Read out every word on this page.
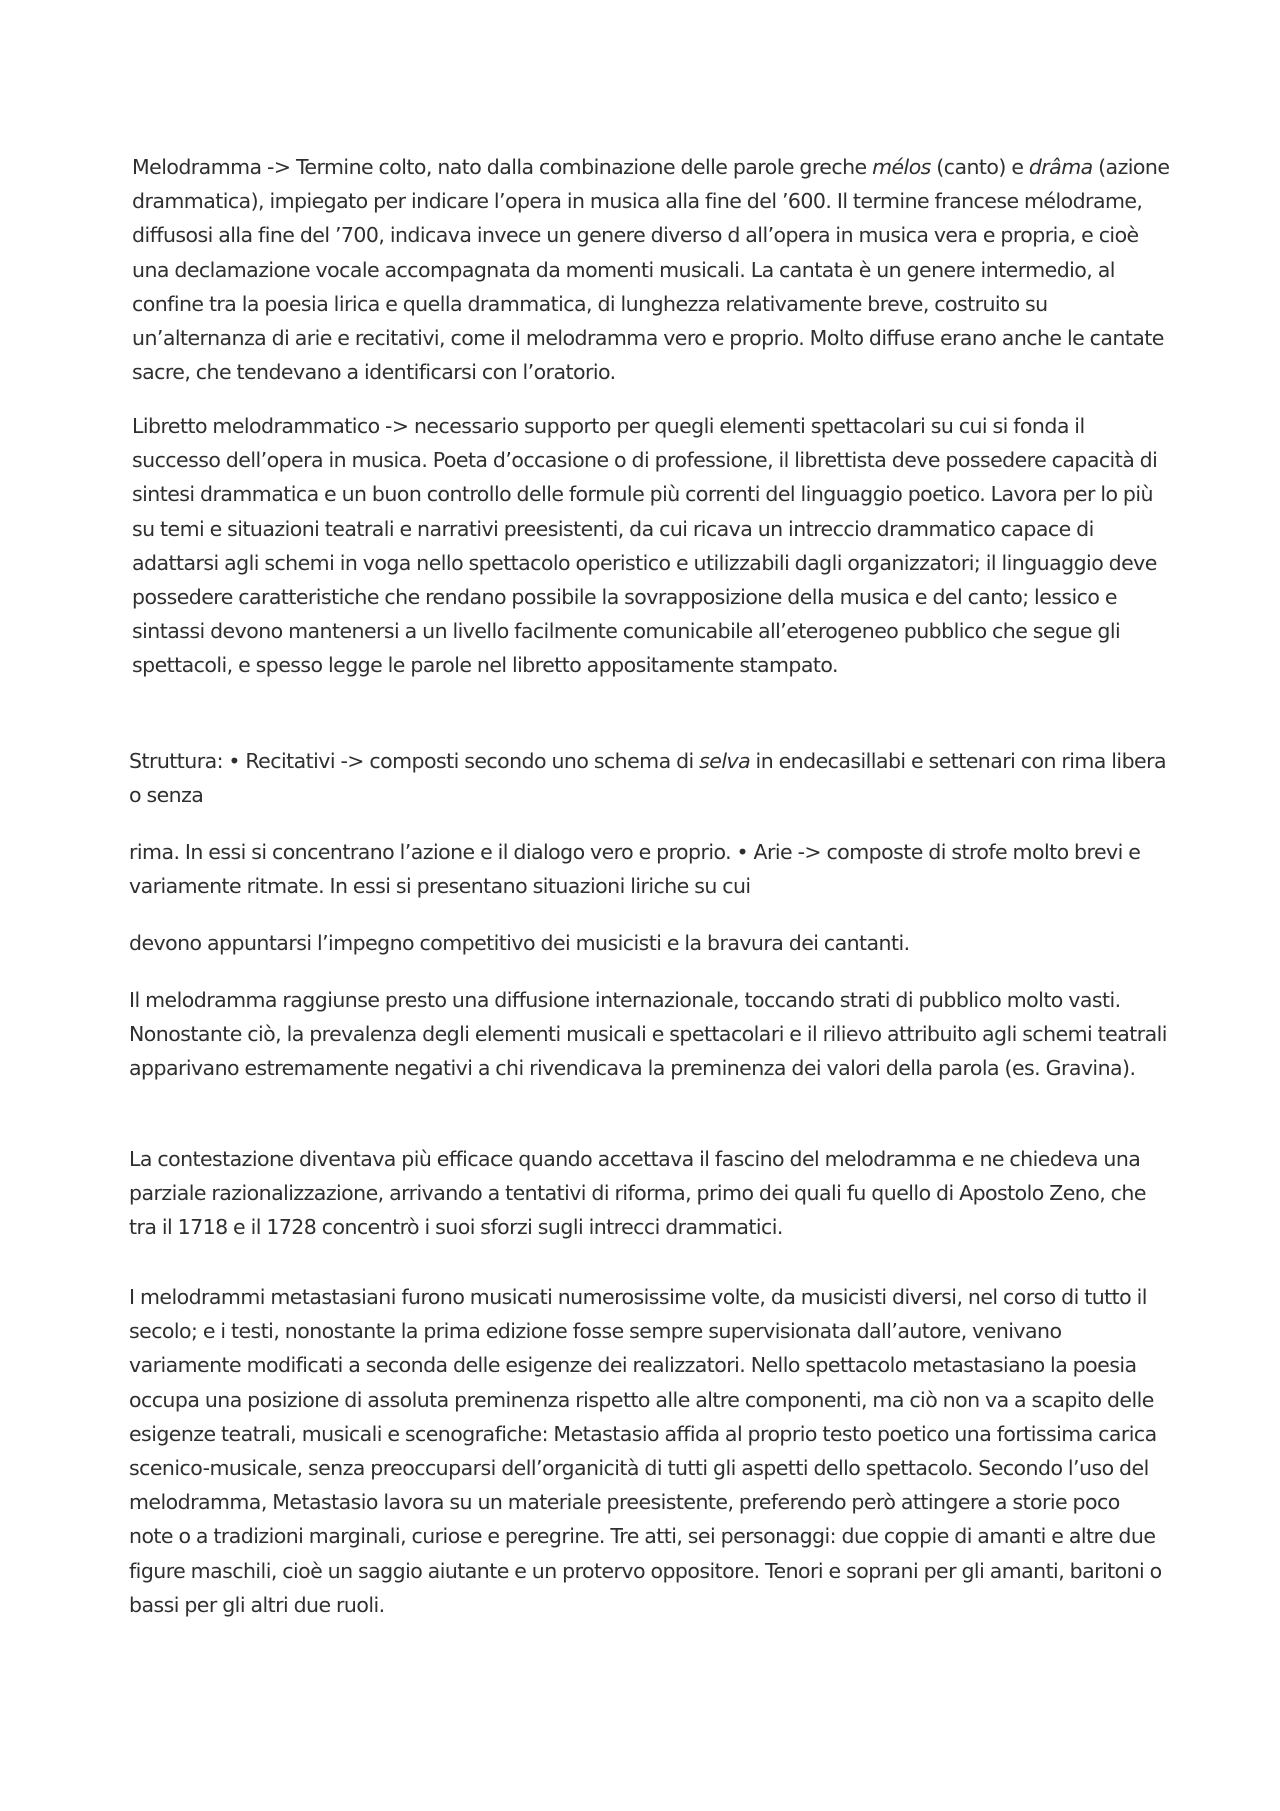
Melodramma -> Termine colto, nato dalla combinazione delle parole greche mélos (canto) e drâma (azione drammatica), impiegato per indicare l’opera in musica alla fine del ’600. Il termine francese mélodrame, diffusosi alla fine del ’700, indicava invece un genere diverso d all’opera in musica vera e propria, e cioè una declamazione vocale accompagnata da momenti musicali. La cantata è un genere intermedio, al confine tra la poesia lirica e quella drammatica, di lunghezza relativamente breve, costruito su un’alternanza di arie e recitativi, come il melodramma vero e proprio. Molto diffuse erano anche le cantate sacre, che tendevano a identificarsi con l’oratorio.

Libretto melodrammatico -> necessario supporto per quegli elementi spettacolari su cui si fonda il successo dell’opera in musica. Poeta d’occasione o di professione, il librettista deve possedere capacità di sintesi drammatica e un buon controllo delle formule più correnti del linguaggio poetico. Lavora per lo più su temi e situazioni teatrali e narrativi preesistenti, da cui ricava un intreccio drammatico capace di adattarsi agli schemi in voga nello spettacolo operistico e utilizzabili dagli organizzatori; il linguaggio deve possedere caratteristiche che rendano possibile la sovrapposizione della musica e del canto; lessico e sintassi devono mantenersi a un livello facilmente comunicabile all’eterogeneo pubblico che segue gli spettacoli, e spesso legge le parole nel libretto appositamente stampato.

Struttura: • Recitativi -> composti secondo uno schema di selva in endecasillabi e settenari con rima libera o senza

rima. In essi si concentrano l’azione e il dialogo vero e proprio. • Arie -> composte di strofe molto brevi e variamente ritmate. In essi si presentano situazioni liriche su cui

devono appuntarsi l’impegno competitivo dei musicisti e la bravura dei cantanti.

Il melodramma raggiunse presto una diffusione internazionale, toccando strati di pubblico molto vasti. Nonostante ciò, la prevalenza degli elementi musicali e spettacolari e il rilievo attribuito agli schemi teatrali apparivano estremamente negativi a chi rivendicava la preminenza dei valori della parola (es. Gravina).

La contestazione diventava più efficace quando accettava il fascino del melodramma e ne chiedeva una parziale razionalizzazione, arrivando a tentativi di riforma, primo dei quali fu quello di Apostolo Zeno, che tra il 1718 e il 1728 concentrò i suoi sforzi sugli intrecci drammatici.

I melodrammi metastasiani furono musicati numerosissime volte, da musicisti diversi, nel corso di tutto il secolo; e i testi, nonostante la prima edizione fosse sempre supervisionata dall’autore, venivano variamente modificati a seconda delle esigenze dei realizzatori. Nello spettacolo metastasiano la poesia occupa una posizione di assoluta preminenza rispetto alle altre componenti, ma ciò non va a scapito delle esigenze teatrali, musicali e scenografiche: Metastasio affida al proprio testo poetico una fortissima carica scenico-musicale, senza preoccuparsi dell’organicità di tutti gli aspetti dello spettacolo. Secondo l’uso del melodramma, Metastasio lavora su un materiale preesistente, preferendo però attingere a storie poco note o a tradizioni marginali, curiose e peregrine. Tre atti, sei personaggi: due coppie di amanti e altre due figure maschili, cioè un saggio aiutante e un protervo oppositore. Tenori e soprani per gli amanti, baritoni o bassi per gli altri due ruoli.
